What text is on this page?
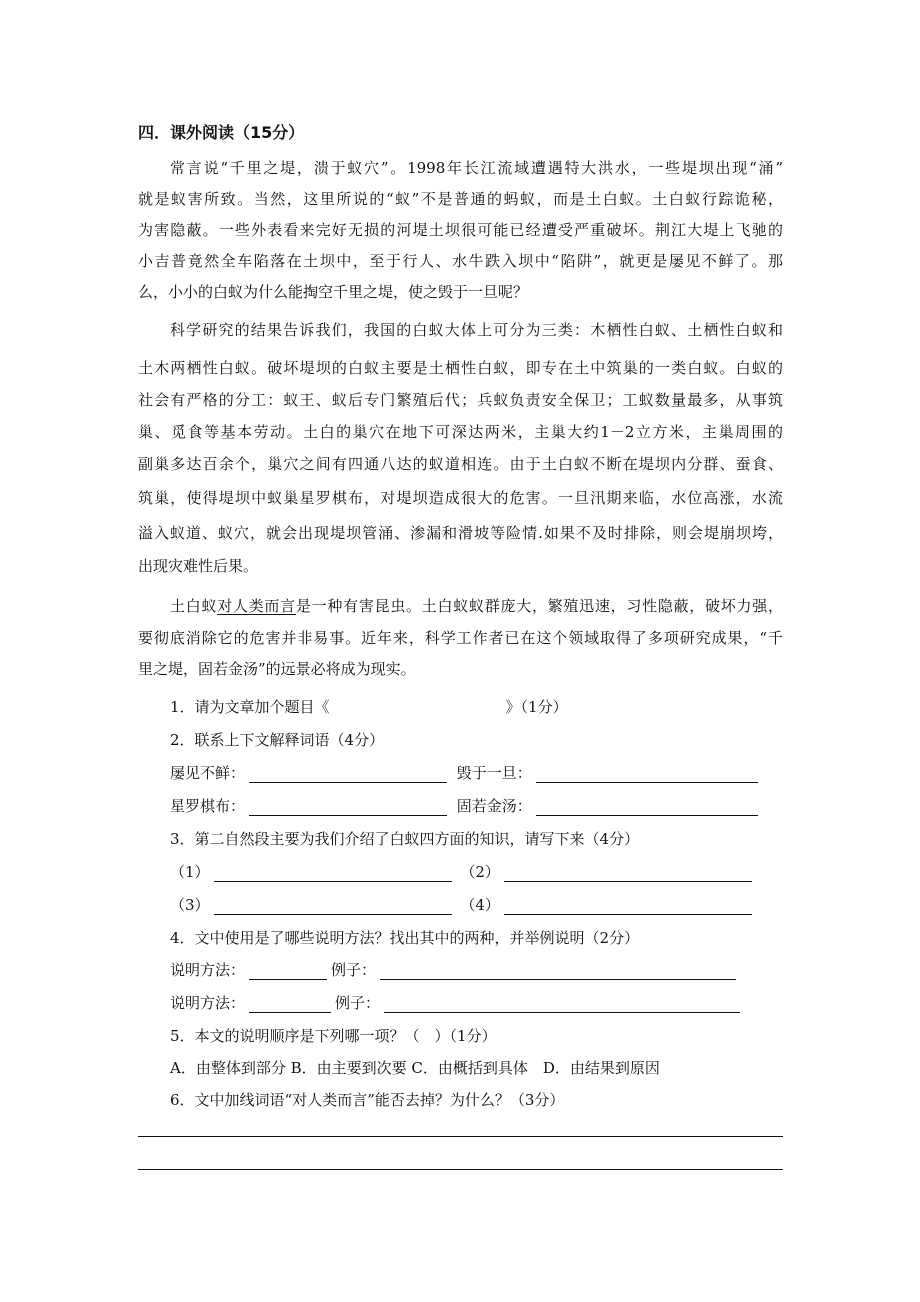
四．课外阅读（15分）
常言说“千里之堤，溃于蚁穴”。1998年长江流域遭遇特大洪水，一些堤坝出现“涌”
就是蚁害所致。当然，这里所说的“蚁”不是普通的蚂蚁，而是土白蚁。土白蚁行踪诡秘，
为害隐蔽。一些外表看来完好无损的河堤土坝很可能已经遭受严重破坏。荆江大堤上飞驰的
小吉普竟然全车陷落在土坝中，至于行人、水牛跌入坝中“陷阱”，就更是屡见不鲜了。那
么，小小的白蚁为什么能掏空千里之堤，使之毁于一旦呢？
科学研究的结果告诉我们，我国的白蚁大体上可分为三类：木栖性白蚁、土栖性白蚁和
土木两栖性白蚁。破坏堤坝的白蚁主要是土栖性白蚁，即专在土中筑巢的一类白蚁。白蚁的
社会有严格的分工：蚁王、蚁后专门繁殖后代；兵蚁负责安全保卫；工蚁数量最多，从事筑
巢、觅食等基本劳动。土白的巢穴在地下可深达两米，主巢大约1－2立方米，主巢周围的
副巢多达百余个，巢穴之间有四通八达的蚁道相连。由于土白蚁不断在堤坝内分群、蚕食、
筑巢，使得堤坝中蚁巢星罗棋布，对堤坝造成很大的危害。一旦汛期来临，水位高涨，水流
溢入蚁道、蚁穴，就会出现堤坝管涌、渗漏和滑坡等险情.如果不及时排除，则会堤崩坝垮，
出现灾难性后果。
土白蚁对人类而言是一种有害昆虫。土白蚁蚁群庞大，繁殖迅速，习性隐蔽，破坏力强，
要彻底消除它的危害并非易事。近年来，科学工作者已在这个领域取得了多项研究成果，“千
里之堤，固若金汤”的远景必将成为现实。
1．请为文章加个题目《	》（1分）
2．联系上下文解释词语（4分）
屡见不鲜：	毁于一旦：
星罗棋布：	固若金汤：
3．第二自然段主要为我们介绍了白蚁四方面的知识，请写下来（4分）
（1）	（2）
（3）	（4）
4．文中使用是了哪些说明方法？找出其中的两种，并举例说明（2分）
说明方法：	例子：
说明方法：	例子：
5．本文的说明顺序是下列哪一项？（　）（1分）
A．由整体到部分 B．由主要到次要 C．由概括到具体　D．由结果到原因
6．文中加线词语“对人类而言”能否去掉？为什么？（3分）
